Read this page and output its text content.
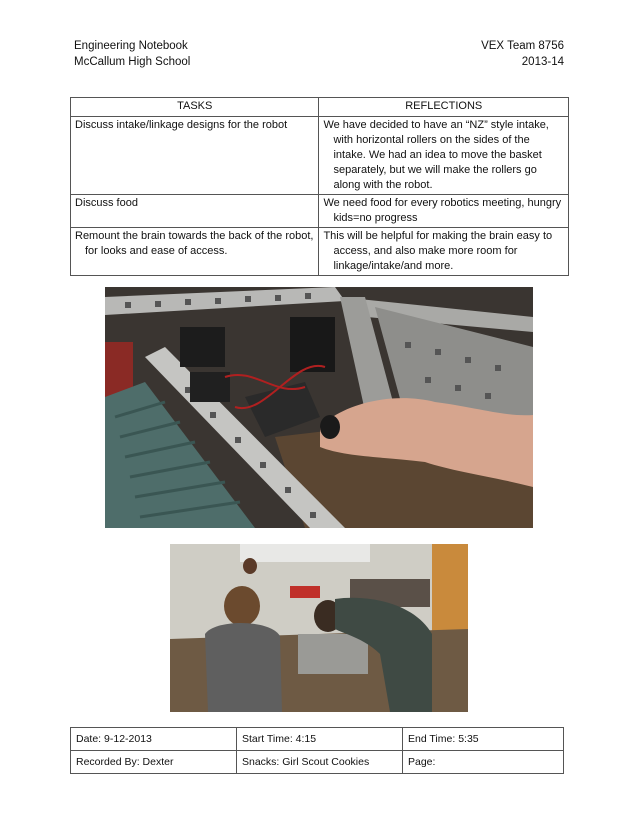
Engineering Notebook
McCallum High School
VEX Team 8756
2013-14
TASKS	REFLECTIONS
Discuss intake/linkage designs for the robot	We have decided to have an “NZ” style intake, with horizontal rollers on the sides of the intake. We had an idea to move the basket separately, but we will make the rollers go along with the robot.
Discuss food	We need food for every robotics meeting, hungry kids=no progress
Remount the brain towards the back of the robot, for looks and ease of access.	This will be helpful for making the brain easy to access, and also make more room for linkage/intake/and more.
Date: 9-12-2013	Start Time: 4:15	End Time: 5:35
Recorded By: Dexter	Snacks: Girl Scout Cookies	Page:
